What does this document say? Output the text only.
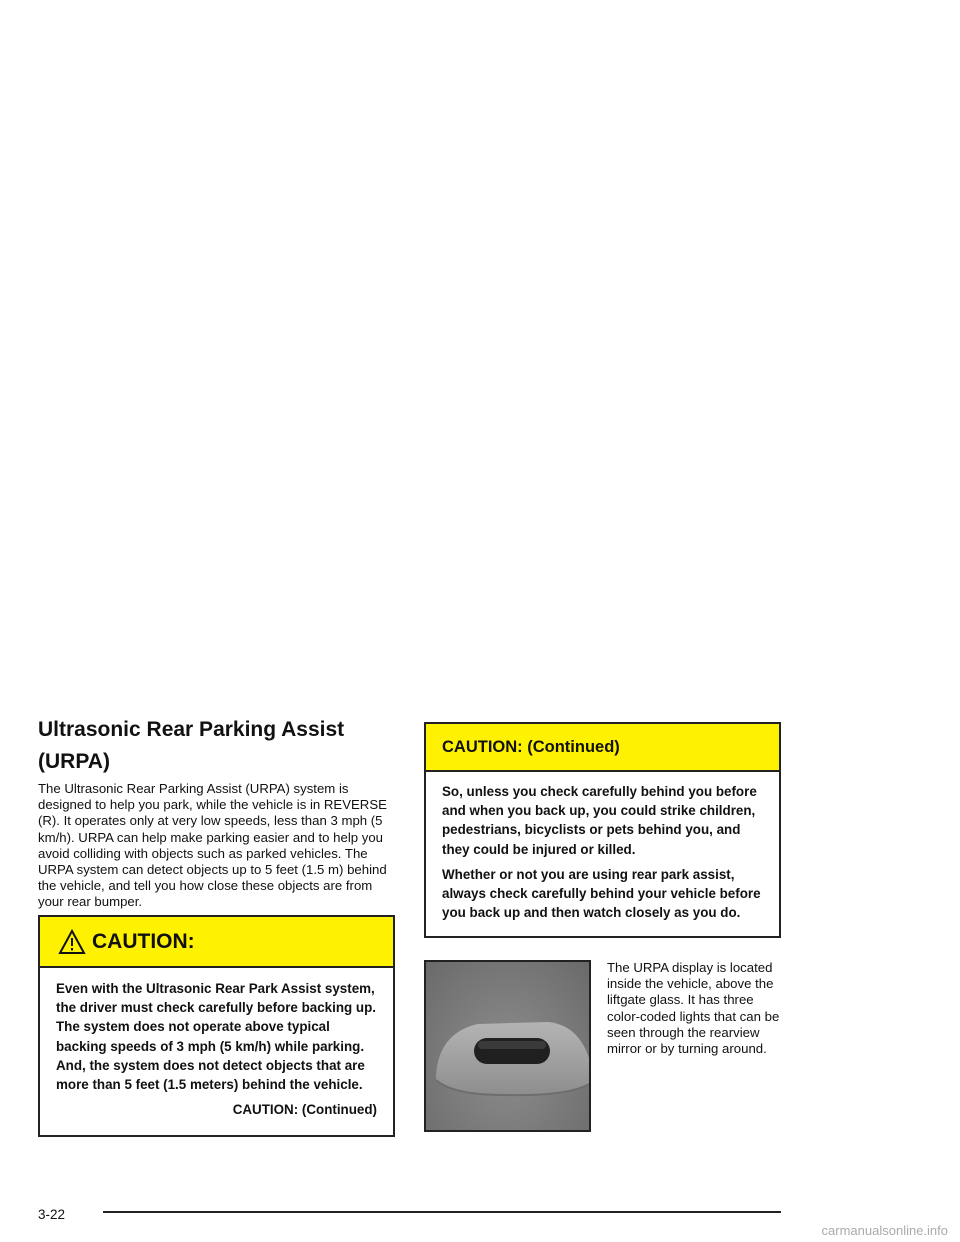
Ultrasonic Rear Parking Assist (URPA)

The Ultrasonic Rear Parking Assist (URPA) system is designed to help you park, while the vehicle is in REVERSE (R). It operates only at very low speeds, less than 3 mph (5 km/h). URPA can help make parking easier and to help you avoid colliding with objects such as parked vehicles. The URPA system can detect objects up to 5 feet (1.5 m) behind the vehicle, and tell you how close these objects are from your rear bumper.

CAUTION:

Even with the Ultrasonic Rear Park Assist system, the driver must check carefully before backing up. The system does not operate above typical backing speeds of 3 mph (5 km/h) while parking. And, the system does not detect objects that are more than 5 feet (1.5 meters) behind the vehicle.

CAUTION: (Continued)

CAUTION: (Continued)

So, unless you check carefully behind you before and when you back up, you could strike children, pedestrians, bicyclists or pets behind you, and they could be injured or killed.

Whether or not you are using rear park assist, always check carefully behind your vehicle before you back up and then watch closely as you do.

The URPA display is located inside the vehicle, above the liftgate glass. It has three color-coded lights that can be seen through the rearview mirror or by turning around.

3-22
carmanualsonline.info
